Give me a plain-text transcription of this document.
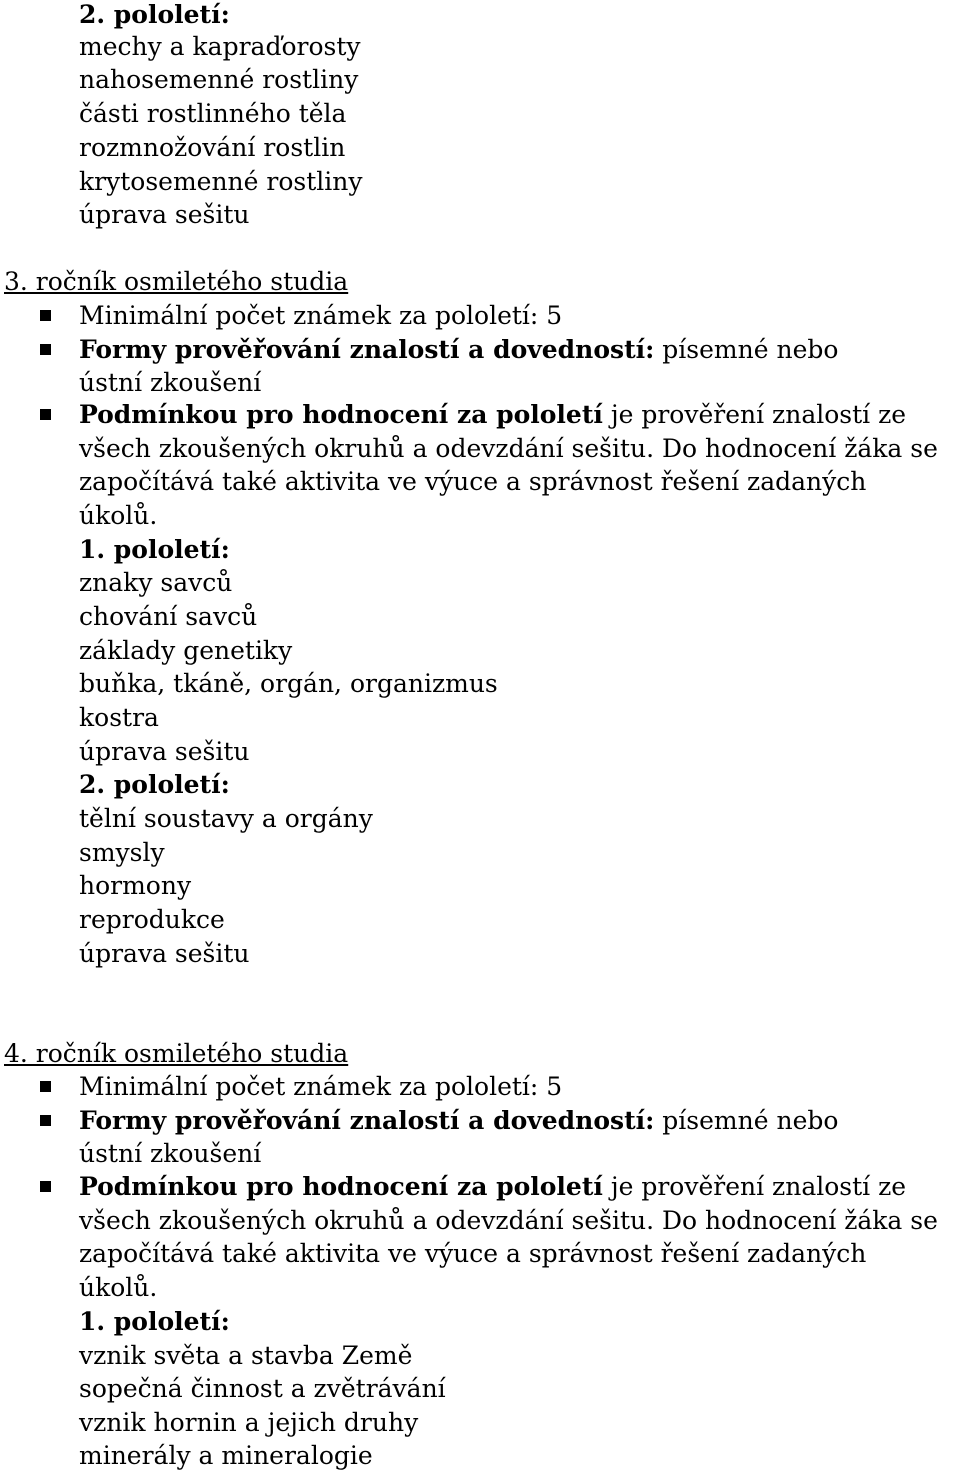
2. pololetí:
mechy a kapraďorosty
nahosemenné rostliny
části rostlinného těla
rozmnožování rostlin
krytosemenné rostliny
úprava sešitu
3. ročník osmiletého studia
Minimální počet známek za pololetí: 5
Formy prověřování znalostí a dovedností: písemné nebo
ústní zkoušení
Podmínkou pro hodnocení za pololetí je prověření znalostí ze
všech zkoušených okruhů a odevzdání sešitu. Do hodnocení žáka se
započítává také aktivita ve výuce a správnost řešení zadaných
úkolů.
1. pololetí:
znaky savců
chování savců
základy genetiky
buňka, tkáně, orgán, organizmus
kostra
úprava sešitu
2. pololetí:
tělní soustavy a orgány
smysly
hormony
reprodukce
úprava sešitu
4. ročník osmiletého studia
Minimální počet známek za pololetí: 5
Formy prověřování znalostí a dovedností: písemné nebo
ústní zkoušení
Podmínkou pro hodnocení za pololetí je prověření znalostí ze
všech zkoušených okruhů a odevzdání sešitu. Do hodnocení žáka se
započítává také aktivita ve výuce a správnost řešení zadaných
úkolů.
1. pololetí:
vznik světa a stavba Země
sopečná činnost a zvětrávání
vznik hornin a jejich druhy
minerály a mineralogie
